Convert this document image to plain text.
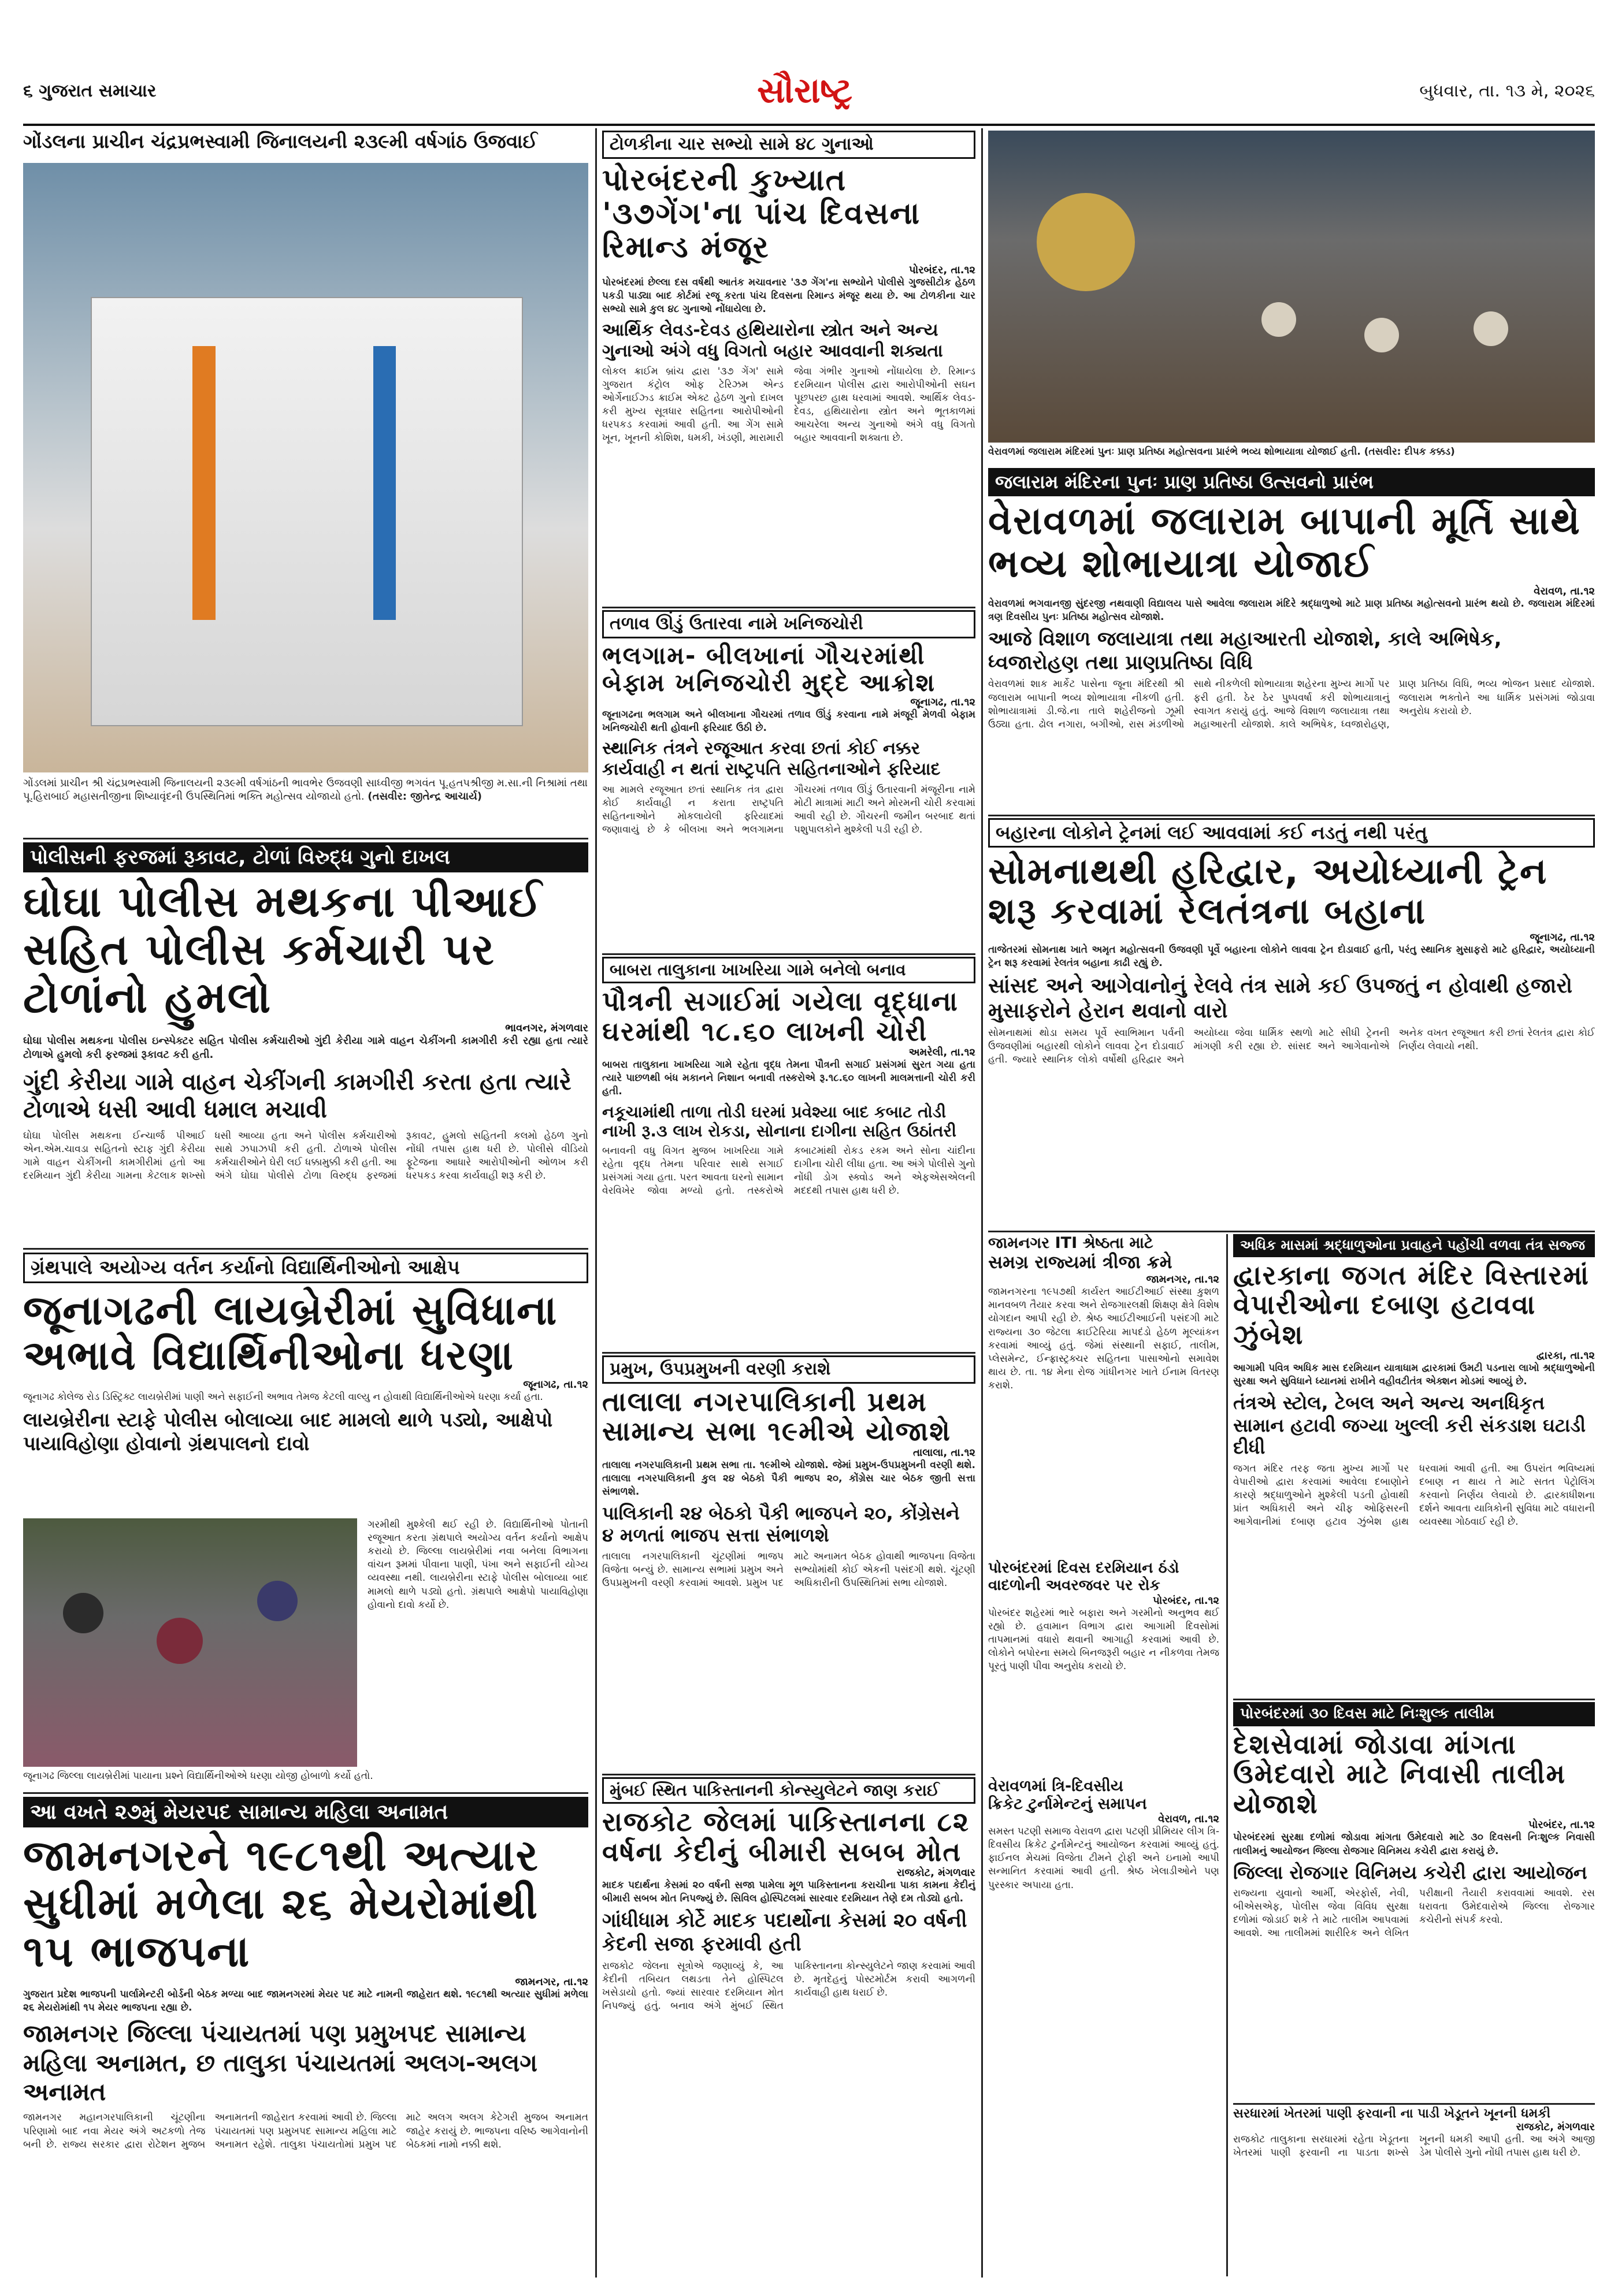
૬ ગુજરાત સમાચાર	સૌરાષ્ટ્ર	બુધવાર, તા. ૧૩ મે, ૨૦૨૬
ગોંડલના પ્રાચીન ચંદ્રપ્રભસ્વામી જિનાલયની ૨૩૯મી વર્ષગાંઠ ઉજવાઈ
ગોંડલમાં પ્રાચીન શ્રી ચંદ્રપ્રભસ્વામી જિનાલયની ૨૩૯મી વર્ષગાંઠની ભાવભેર ઉજવણી સાધ્વીજી ભગવંત પૂ.હતપશ્રીજી મ.સા.ની નિશ્રામાં તથા પૂ.હિરાબાઈ મહાસતીજીના શિષ્યાવૃંદની ઉપસ્થિતિમાં ભક્તિ મહોત્સવ યોજાયો હતો. (તસવીર: જીતેન્દ્ર આચાર્ય)
પોલીસની ફરજમાં રૂકાવટ, ટોળાં વિરુદ્ધ ગુનો દાખલ
ઘોઘા પોલીસ મથકના પીઆઈ સહિત પોલીસ કર્મચારી પર ટોળાંનો હુમલો
ભાવનગર, મંગળવાર
ઘોઘા પોલીસ મથકના પોલીસ ઇન્સ્પેક્ટર સહિત પોલીસ કર્મચારીઓ ગુંદી કેરીયા ગામે વાહન ચેકીંગની કામગીરી કરી રહ્યા હતા ત્યારે ટોળાએ હુમલો કરી ફરજમાં રૂકાવટ કરી હતી.
ગુંદી કેરીયા ગામે વાહન ચેકીંગની કામગીરી કરતા હતા ત્યારે ટોળાએ ધસી આવી ધમાલ મચાવી
ઘોઘા પોલીસ મથકના ઈન્ચાર્જ પીઆઈ એન.એમ.ચાવડા સહિતનો સ્ટાફ ગુંદી કેરીયા ગામે વાહન ચેકીંગની કામગીરીમાં હતો આ દરમિયાન ગુંદી કેરીયા ગામના કેટલાક શખ્સો ધસી આવ્યા હતા અને પોલીસ કર્મચારીઓ સાથે ઝપાઝપી કરી હતી. ટોળાએ પોલીસ કર્મચારીઓને ઘેરી લઈ ધક્કામુક્કી કરી હતી. આ અંગે ઘોઘા પોલીસે ટોળા વિરુદ્ધ ફરજમાં રૂકાવટ, હુમલો સહિતની કલમો હેઠળ ગુનો નોંધી તપાસ હાથ ધરી છે. પોલીસે વીડિયો ફૂટેજના આધારે આરોપીઓની ઓળખ કરી ધરપકડ કરવા કાર્યવાહી શરૂ કરી છે.
ગ્રંથપાલે અયોગ્ય વર્તન કર્યાનો વિદ્યાર્થિનીઓનો આક્ષેપ
જૂનાગઢની લાયબ્રેરીમાં સુવિધાના અભાવે વિદ્યાર્થિનીઓના ધરણા
જૂનાગઢ, તા.૧૨
જૂનાગઢ કોલેજ રોડ ડિસ્ટ્રિક્ટ લાયબ્રેરીમાં પાણી અને સફાઈની અભાવ તેમજ કેટલી વાલ્યુ ન હોવાથી વિદ્યાર્થિનીઓએ ધરણા કર્યા હતા.
લાયબ્રેરીના સ્ટાફે પોલીસ બોલાવ્યા બાદ મામલો થાળે પડ્યો, આક્ષેપો પાયાવિહોણા હોવાનો ગ્રંથપાલનો દાવો
ગરમીથી મુશ્કેલી થઈ રહી છે. વિદ્યાર્થિનીઓ પોતાની રજૂઆત કરતા ગ્રંથપાલે અયોગ્ય વર્તન કર્યાનો આક્ષેપ કરાયો છે. જિલ્લા લાયબ્રેરીમાં નવા બનેલા વિભાગના વાંચન રૂમમાં પીવાના પાણી, પંખા અને સફાઈની યોગ્ય વ્યવસ્થા નથી. લાયબ્રેરીના સ્ટાફે પોલીસ બોલાવ્યા બાદ મામલો થાળે પડ્યો હતો. ગ્રંથપાલે આક્ષેપો પાયાવિહોણા હોવાનો દાવો કર્યો છે.
જૂનાગઢ જિલ્લા લાયબ્રેરીમાં પાયાના પ્રશ્ને વિદ્યાર્થિનીઓએ ધરણા યોજી હોબાળો કર્યો હતો.
આ વખતે ૨૭મું મેયરપદ સામાન્ય મહિલા અનામત
જામનગરને ૧૯૮૧થી અત્યાર સુધીમાં મળેલા ૨૬ મેયરોમાંથી ૧૫ ભાજપના
જામનગર, તા.૧૨
ગુજરાત પ્રદેશ ભાજપની પાર્લામેન્ટરી બોર્ડની બેઠક મળ્યા બાદ જામનગરમાં મેયર પદ માટે નામની જાહેરાત થશે. ૧૯૮૧થી અત્યાર સુધીમાં મળેલા ૨૬ મેયરોમાંથી ૧૫ મેયર ભાજપના રહ્યા છે.
જામનગર જિલ્લા પંચાયતમાં પણ પ્રમુખપદ સામાન્ય મહિલા અનામત, છ તાલુકા પંચાયતમાં અલગ-અલગ અનામત
જામનગર મહાનગરપાલિકાની ચૂંટણીના પરિણામો બાદ નવા મેયર અંગે અટકળો તેજ બની છે. રાજ્ય સરકાર દ્વારા રોટેશન મુજબ અનામતની જાહેરાત કરવામાં આવી છે. જિલ્લા પંચાયતમાં પણ પ્રમુખપદ સામાન્ય મહિલા માટે અનામત રહેશે. તાલુકા પંચાયતોમાં પ્રમુખ પદ માટે અલગ અલગ કેટેગરી મુજબ અનામત જાહેર કરાયું છે. ભાજપના વરિષ્ઠ આગેવાનોની બેઠકમાં નામો નક્કી થશે.
ટોળકીના ચાર સભ્યો સામે ૪૮ ગુનાઓ
પોરબંદરની કુખ્યાત '૩૭ગેંગ'ના પાંચ દિવસના રિમાન્ડ મંજૂર
પોરબંદર, તા.૧૨
પોરબંદરમાં છેલ્લા દસ વર્ષથી આતંક મચાવનાર '૩૭ ગેંગ'ના સભ્યોને પોલીસે ગુજસીટોક હેઠળ પકડી પાડ્યા બાદ કોર્ટમાં રજૂ કરતા પાંચ દિવસના રિમાન્ડ મંજૂર થયા છે. આ ટોળકીના ચાર સભ્યો સામે કુલ ૪૮ ગુનાઓ નોંધાયેલા છે.
આર્થિક લેવડ-દેવડ હથિયારોના સ્ત્રોત અને અન્ય ગુનાઓ અંગે વધુ વિગતો બહાર આવવાની શક્યતા
લોકલ ક્રાઈમ બ્રાંચ દ્વારા '૩૭ ગેંગ' સામે ગુજરાત કંટ્રોલ ઓફ ટેરિઝમ એન્ડ ઓર્ગેનાઈઝ્ડ ક્રાઈમ એક્ટ હેઠળ ગુનો દાખલ કરી મુખ્ય સૂત્રધાર સહિતના આરોપીઓની ધરપકડ કરવામાં આવી હતી. આ ગેંગ સામે ખૂન, ખૂનની કોશિશ, ધમકી, ખંડણી, મારામારી જેવા ગંભીર ગુનાઓ નોંધાયેલા છે. રિમાન્ડ દરમિયાન પોલીસ દ્વારા આરોપીઓની સઘન પૂછપરછ હાથ ધરવામાં આવશે. આર્થિક લેવડ-દેવડ, હથિયારોના સ્ત્રોત અને ભૂતકાળમાં આચરેલા અન્ય ગુનાઓ અંગે વધુ વિગતો બહાર આવવાની શક્યતા છે.
તળાવ ઊંડું ઉતારવા નામે ખનિજચોરી
ભલગામ- બીલખાનાં ગૌચરમાંથી બેફામ ખનિજચોરી મુદ્દે આક્રોશ
જૂનાગઢ, તા.૧૨
જૂનાગઢના ભલગામ અને બીલખાના ગૌચરમાં તળાવ ઊંડું કરવાના નામે મંજૂરી મેળવી બેફામ ખનિજચોરી થતી હોવાની ફરિયાદ ઉઠી છે.
સ્થાનિક તંત્રને રજૂઆત કરવા છતાં કોઈ નક્કર કાર્યવાહી ન થતાં રાષ્ટ્રપતિ સહિતનાઓને ફરિયાદ
આ મામલે રજૂઆત છતાં સ્થાનિક તંત્ર દ્વારા કોઈ કાર્યવાહી ન કરાતા રાષ્ટ્રપતિ સહિતનાઓને મોકલાયેલી ફરિયાદમાં જણાવાયું છે કે બીલખા અને ભલગામના ગૌચરમાં તળાવ ઊંડું ઉતારવાની મંજૂરીના નામે મોટી માત્રામાં માટી અને મોરમની ચોરી કરવામાં આવી રહી છે. ગૌચરની જમીન બરબાદ થતાં પશુપાલકોને મુશ્કેલી પડી રહી છે.
બાબરા તાલુકાના ખાખરિયા ગામે બનેલો બનાવ
પૌત્રની સગાઈમાં ગયેલા વૃદ્ધાના ઘરમાંથી ૧૮.૬૦ લાખની ચોરી
અમરેલી, તા.૧૨
બાબરા તાલુકાના ખાખરિયા ગામે રહેતા વૃદ્ધ તેમના પૌત્રની સગાઈ પ્રસંગમાં સુરત ગયા હતા ત્યારે પાછળથી બંધ મકાનને નિશાન બનાવી તસ્કરોએ રૂ.૧૮.૬૦ લાખની માલમત્તાની ચોરી કરી હતી.
નકૂચામાંથી તાળા તોડી ઘરમાં પ્રવેશ્યા બાદ કબાટ તોડી નાખી રૂ.૩ લાખ રોકડા, સોનાના દાગીના સહિત ઉઠાંતરી
બનાવની વધુ વિગત મુજબ ખાખરિયા ગામે રહેતા વૃદ્ધ તેમના પરિવાર સાથે સગાઈ પ્રસંગમાં ગયા હતા. પરત આવતા ઘરનો સામાન વેરવિખેર જોવા મળ્યો હતો. તસ્કરોએ કબાટમાંથી રોકડ રકમ અને સોના ચાંદીના દાગીના ચોરી લીધા હતા. આ અંગે પોલીસે ગુનો નોંધી ડોગ સ્ક્વોડ અને એફએસએલની મદદથી તપાસ હાથ ધરી છે.
પ્રમુખ, ઉપપ્રમુખની વરણી કરાશે
તાલાલા નગરપાલિકાની પ્રથમ સામાન્ય સભા ૧૯મીએ યોજાશે
તાલાલા, તા.૧૨
તાલાલા નગરપાલિકાની પ્રથમ સભા તા. ૧૯મીએ યોજાશે. જેમાં પ્રમુખ-ઉપપ્રમુખની વરણી થશે. તાલાલા નગરપાલિકાની કુલ ૨૪ બેઠકો પૈકી ભાજપ ૨૦, કોંગ્રેસ ચાર બેઠક જીતી સત્તા સંભાળશે.
પાલિકાની ૨૪ બેઠકો પૈકી ભાજપને ૨૦, કોંગ્રેસને ૪ મળતાં ભાજપ સત્તા સંભાળશે
તાલાલા નગરપાલિકાની ચૂંટણીમાં ભાજપ વિજેતા બન્યું છે. સામાન્ય સભામાં પ્રમુખ અને ઉપપ્રમુખની વરણી કરવામાં આવશે. પ્રમુખ પદ માટે અનામત બેઠક હોવાથી ભાજપના વિજેતા સભ્યોમાંથી કોઈ એકની પસંદગી થશે. ચૂંટણી અધિકારીની ઉપસ્થિતિમાં સભા યોજાશે.
મુંબઈ સ્થિત પાકિસ્તાનની કોન્સ્યુલેટને જાણ કરાઈ
રાજકોટ જેલમાં પાકિસ્તાનના ૮૨ વર્ષના કેદીનું બીમારી સબબ મોત
રાજકોટ, મંગળવાર
માદક પદાર્થના કેસમાં ૨૦ વર્ષની સજા પામેલા મૂળ પાકિસ્તાનના કરાચીના પાકા કામના કેદીનું બીમારી સબબ મોત નિપજ્યું છે. સિવિલ હોસ્પિટલમાં સારવાર દરમિયાન તેણે દમ તોડ્યો હતો.
ગાંધીધામ કોર્ટે માદક પદાર્થોના કેસમાં ૨૦ વર્ષની કેદની સજા ફરમાવી હતી
રાજકોટ જેલના સૂત્રોએ જણાવ્યું કે, આ કેદીની તબિયત લથડતા તેને હોસ્પિટલ ખસેડાયો હતો. જ્યાં સારવાર દરમિયાન મોત નિપજ્યું હતું. બનાવ અંગે મુંબઈ સ્થિત પાકિસ્તાનના કોન્સ્યુલેટને જાણ કરવામાં આવી છે. મૃતદેહનું પોસ્ટમોર્ટમ કરાવી આગળની કાર્યવાહી હાથ ધરાઈ છે.
વેરાવળમાં જલારામ મંદિરમાં પુનઃ પ્રાણ પ્રતિષ્ઠા મહોત્સવના પ્રારંભે ભવ્ય શોભાયાત્રા યોજાઈ હતી. (તસવીર: દીપક કક્કડ)
જલારામ મંદિરના પુનઃ પ્રાણ પ્રતિષ્ઠા ઉત્સવનો પ્રારંભ
વેરાવળમાં જલારામ બાપાની મૂર્તિ સાથે ભવ્ય શોભાયાત્રા યોજાઈ
વેરાવળ, તા.૧૨
વેરાવળમાં ભગવાનજી સુંદરજી નથવાણી વિદ્યાલય પાસે આવેલા જલારામ મંદિરે શ્રદ્ધાળુઓ માટે પ્રાણ પ્રતિષ્ઠા મહોત્સવનો પ્રારંભ થયો છે. જલારામ મંદિરમાં ત્રણ દિવસીય પુનઃ પ્રતિષ્ઠા મહોત્સવ યોજાશે.
આજે વિશાળ જલાયાત્રા તથા મહાઆરતી યોજાશે, કાલે અભિષેક, ધ્વજારોહણ તથા પ્રાણપ્રતિષ્ઠા વિધિ
વેરાવળમાં શાક માર્કેટ પાસેના જૂના મંદિરથી શ્રી જલારામ બાપાની ભવ્ય શોભાયાત્રા નીકળી હતી. શોભાયાત્રામાં ડી.જે.ના તાલે શહેરીજનો ઝૂમી ઉઠ્યા હતા. ઢોલ નગારા, બગીઓ, રાસ મંડળીઓ સાથે નીકળેલી શોભાયાત્રા શહેરના મુખ્ય માર્ગો પર ફરી હતી. ઠેર ઠેર પુષ્પવર્ષા કરી શોભાયાત્રાનું સ્વાગત કરાયું હતું. આજે વિશાળ જલાયાત્રા તથા મહાઆરતી યોજાશે. કાલે અભિષેક, ધ્વજારોહણ, પ્રાણ પ્રતિષ્ઠા વિધિ, ભવ્ય ભોજન પ્રસાદ યોજાશે. જલારામ ભક્તોને આ ધાર્મિક પ્રસંગમાં જોડાવા અનુરોધ કરાયો છે.
બહારના લોકોને ટ્રેનમાં લઈ આવવામાં કઈ નડતું નથી પરંતુ
સોમનાથથી હરિદ્વાર, અયોધ્યાની ટ્રેન શરૂ કરવામાં રેલતંત્રના બહાના
જૂનાગઢ, તા.૧૨
તાજેતરમાં સોમનાથ ખાતે અમૃત મહોત્સવની ઉજવણી પૂર્વે બહારના લોકોને લાવવા ટ્રેન દોડાવાઈ હતી, પરંતુ સ્થાનિક મુસાફરો માટે હરિદ્વાર, અયોધ્યાની ટ્રેન શરૂ કરવામાં રેલતંત્ર બહાના કાઢી રહ્યું છે.
સાંસદ અને આગેવાનોનું રેલવે તંત્ર સામે કઈ ઉપજતું ન હોવાથી હજારો મુસાફરોને હેરાન થવાનો વારો
સોમનાથમાં થોડા સમય પૂર્વે સ્વાભિમાન પર્વની ઉજવણીમાં બહારથી લોકોને લાવવા ટ્રેન દોડાવાઈ હતી. જ્યારે સ્થાનિક લોકો વર્ષોથી હરિદ્વાર અને અયોધ્યા જેવા ધાર્મિક સ્થળો માટે સીધી ટ્રેનની માંગણી કરી રહ્યા છે. સાંસદ અને આગેવાનોએ અનેક વખત રજૂઆત કરી છતાં રેલતંત્ર દ્વારા કોઈ નિર્ણય લેવાયો નથી.
જામનગર ITI શ્રેષ્ઠતા માટે
સમગ્ર રાજ્યમાં ત્રીજા ક્રમે
જામનગર, તા.૧૨
જામનગરના ૧૯૫૭થી કાર્યરત આઈટીઆઈ સંસ્થા કુશળ માનવબળ તૈયાર કરવા અને રોજગારલક્ષી શિક્ષણ ક્ષેત્રે વિશેષ યોગદાન આપી રહી છે. શ્રેષ્ઠ આઈટીઆઈની પસંદગી માટે રાજ્યના ૩૦ જેટલા ક્રાઈટેરિયા માપદંડો હેઠળ મૂલ્યાંકન કરવામાં આવ્યું હતું. જેમાં સંસ્થાની સફાઈ, તાલીમ, પ્લેસમેન્ટ, ઈન્ફ્રાસ્ટ્રક્ચર સહિતના પાસાઓનો સમાવેશ થાય છે. તા. ૧૪ મેના રોજ ગાંધીનગર ખાતે ઈનામ વિતરણ કરાશે.
પોરબંદરમાં દિવસ દરમિયાન ઠંડો
વાદળોની અવરજવર પર રોક
પોરબંદર, તા.૧૨
પોરબંદર શહેરમાં ભારે બફારા અને ગરમીનો અનુભવ થઈ રહ્યો છે. હવામાન વિભાગ દ્વારા આગામી દિવસોમાં તાપમાનમાં વધારો થવાની આગાહી કરવામાં આવી છે. લોકોને બપોરના સમયે બિનજરૂરી બહાર ન નીકળવા તેમજ પૂરતું પાણી પીવા અનુરોધ કરાયો છે.
વેરાવળમાં ત્રિ-દિવસીય
ક્રિકેટ ટુર્નામેન્ટનું સમાપન
વેરાવળ, તા.૧૨
સમસ્ત પટણી સમાજ વેરાવળ દ્વારા પટણી પ્રીમિયર લીગ ત્રિ-દિવસીય ક્રિકેટ ટુર્નામેન્ટનું આયોજન કરવામાં આવ્યું હતું. ફાઈનલ મેચમાં વિજેતા ટીમને ટ્રોફી અને ઇનામો આપી સન્માનિત કરવામાં આવી હતી. શ્રેષ્ઠ ખેલાડીઓને પણ પુરસ્કાર અપાયા હતા.
અધિક માસમાં શ્રદ્ધાળુઓના પ્રવાહને પહોંચી વળવા તંત્ર સજ્જ
દ્વારકાના જગત મંદિર વિસ્તારમાં વેપારીઓના દબાણ હટાવવા ઝુંબેશ
દ્વારકા, તા.૧૨
આગામી પવિત્ર અધિક માસ દરમિયાન યાત્રાધામ દ્વારકામાં ઉમટી પડનારા લાખો શ્રદ્ધાળુઓની સુરક્ષા અને સુવિધાને ધ્યાનમાં રાખીને વહીવટીતંત્ર એક્શન મોડમાં આવ્યું છે.
તંત્રએ સ્ટોલ, ટેબલ અને અન્ય અનધિકૃત સામાન હટાવી જગ્યા ખુલ્લી કરી સંકડાશ ઘટાડી દીધી
જગત મંદિર તરફ જતા મુખ્ય માર્ગો પર વેપારીઓ દ્વારા કરવામાં આવેલા દબાણોને કારણે શ્રદ્ધાળુઓને મુશ્કેલી પડતી હોવાથી પ્રાંત અધિકારી અને ચીફ ઓફિસરની આગેવાનીમાં દબાણ હટાવ ઝુંબેશ હાથ ધરવામાં આવી હતી. આ ઉપરાંત ભવિષ્યમાં દબાણ ન થાય તે માટે સતત પેટ્રોલિંગ કરવાનો નિર્ણય લેવાયો છે. દ્વારકાધીશના દર્શને આવતા યાત્રિકોની સુવિધા માટે વધારાની વ્યવસ્થા ગોઠવાઈ રહી છે.
પોરબંદરમાં ૩૦ દિવસ માટે નિઃશુલ્ક તાલીમ
દેશસેવામાં જોડાવા માંગતા ઉમેદવારો માટે નિવાસી તાલીમ યોજાશે
પોરબંદર, તા.૧૨
પોરબંદરમાં સુરક્ષા દળોમાં જોડાવા માંગતા ઉમેદવારો માટે ૩૦ દિવસની નિઃશુલ્ક નિવાસી તાલીમનું આયોજન જિલ્લા રોજગાર વિનિમય કચેરી દ્વારા કરાયું છે.
જિલ્લા રોજગાર વિનિમય કચેરી દ્વારા આયોજન
રાજ્યના યુવાનો આર્મી, એરફોર્સ, નેવી, બીએસએફ, પોલીસ જેવા વિવિધ સુરક્ષા દળોમાં જોડાઈ શકે તે માટે તાલીમ આપવામાં આવશે. આ તાલીમમાં શારીરિક અને લેખિત પરીક્ષાની તૈયારી કરાવવામાં આવશે. રસ ધરાવતા ઉમેદવારોએ જિલ્લા રોજગાર કચેરીનો સંપર્ક કરવો.
સરધારમાં ખેતરમાં પાણી ફરવાની ના પાડી ખેડૂતને ખૂનની ધમકી
રાજકોટ, મંગળવાર
રાજકોટ તાલુકાના સરધારમાં રહેતા ખેડૂતના ખેતરમાં પાણી ફરવાની ના પાડતા શખ્સે ખૂનની ધમકી આપી હતી. આ અંગે આજી ડેમ પોલીસે ગુનો નોંધી તપાસ હાથ ધરી છે.
